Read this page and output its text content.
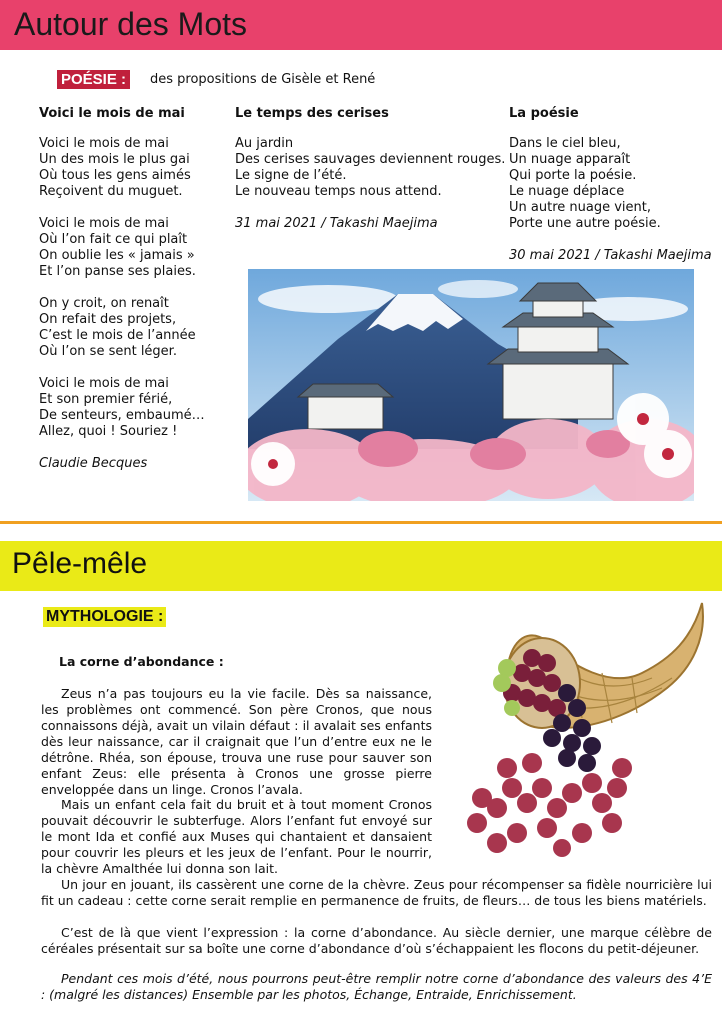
Autour des Mots
POÉSIE :	des propositions de Gisèle et René
Voici le mois de mai
Voici le mois de mai
Un des mois le plus gai
Où tous les gens aimés
Reçoivent du muguet.
Voici le mois de mai
Où l’on fait ce qui plaît
On oublie les « jamais »
Et l’on panse ses plaies.
On y croit, on renaît
On refait des projets,
C’est le mois de l’année
Où l’on se sent léger.
Voici le mois de mai
Et son premier férié,
De senteurs, embaumé…
Allez, quoi ! Souriez !
Claudie Becques
Le temps des cerises
Au jardin
Des cerises sauvages deviennent rouges.
Le signe de l’été.
Le nouveau temps nous attend.
31 mai 2021 / Takashi Maejima
La poésie
Dans le ciel bleu,
Un nuage apparaît
Qui porte la poésie.
Le nuage déplace
Un autre nuage vient,
Porte une autre poésie.
30 mai 2021 / Takashi Maejima
Pêle-mêle
MYTHOLOGIE :
La corne d’abondance :
Zeus n’a pas toujours eu la vie facile. Dès sa naissance, les problèmes ont commencé. Son père Cronos, que nous connaissons déjà, avait un vilain défaut : il avalait ses enfants dès leur naissance, car il craignait que l’un d’entre eux ne le détrône. Rhéa, son épouse, trouva une ruse pour sauver son enfant Zeus: elle présenta à Cronos une grosse pierre enveloppée dans un linge. Cronos l’avala.
Mais un enfant cela fait du bruit et à tout moment Cronos pouvait découvrir le subterfuge. Alors l’enfant fut envoyé sur le mont Ida et confié aux Muses qui chantaient et dansaient pour couvrir les pleurs et les jeux de l’enfant. Pour le nourrir, la chèvre Amalthée lui donna son lait.
Un jour en jouant, ils cassèrent une corne de la chèvre. Zeus pour récompenser sa fidèle nourricière lui fit un cadeau : cette corne serait remplie en permanence de fruits, de fleurs… de tous les biens matériels.
C’est de là que vient l’expression : la corne d’abondance. Au siècle dernier, une marque célèbre de céréales présentait sur sa boîte une corne d’abondance d’où s’échappaient les flocons du petit-déjeuner.
Pendant ces mois d’été, nous pourrons peut-être remplir notre corne d’abondance des valeurs des 4’E : (malgré les distances) Ensemble par les photos, Échange, Entraide, Enrichissement.
